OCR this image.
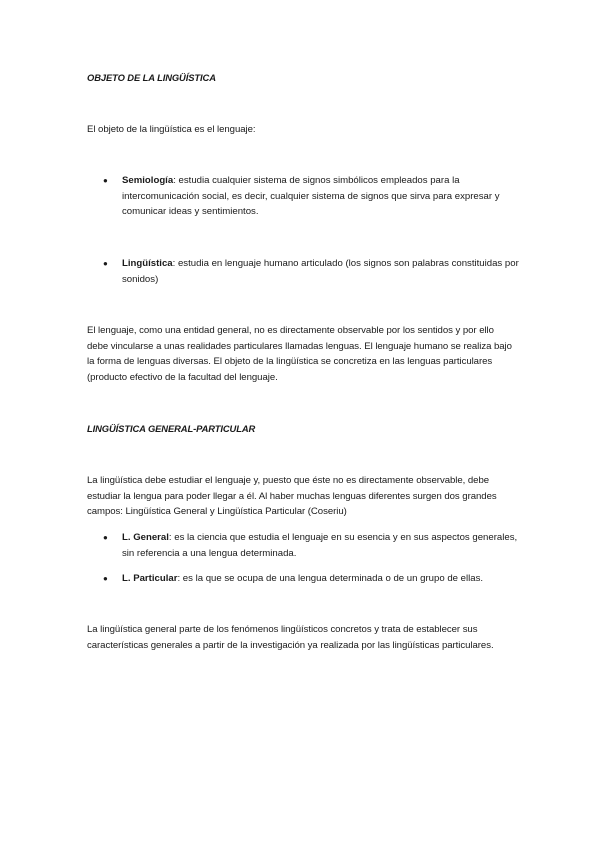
OBJETO DE LA LINGÜÍSTICA
El objeto de la lingüística es el lenguaje:
● Semiología: estudia cualquier sistema de signos simbólicos empleados para la intercomunicación social, es decir, cualquier sistema de signos que sirva para expresar y comunicar ideas y sentimientos.
● Lingüística: estudia en lenguaje humano articulado (los signos son palabras constituidas por sonidos)
El lenguaje, como una entidad general, no es directamente observable por los sentidos y por ello debe vincularse a unas realidades particulares llamadas lenguas. El lenguaje humano se realiza bajo la forma de lenguas diversas. El objeto de la lingüística se concretiza en las lenguas particulares (producto efectivo de la facultad del lenguaje.
LINGÜÍSTICA GENERAL-PARTICULAR
La lingüística debe estudiar el lenguaje y, puesto que éste no es directamente observable, debe estudiar la lengua para poder llegar a él. Al haber muchas lenguas diferentes surgen dos grandes campos: Lingüística General y Lingüística Particular (Coseriu)
● L. General: es la ciencia que estudia el lenguaje en su esencia y en sus aspectos generales, sin referencia a una lengua determinada.
● L. Particular: es la que se ocupa de una lengua determinada o de un grupo de ellas.
La lingüística general parte de los fenómenos lingüísticos concretos y trata de establecer sus características generales a partir de la investigación ya realizada por las lingüísticas particulares.
